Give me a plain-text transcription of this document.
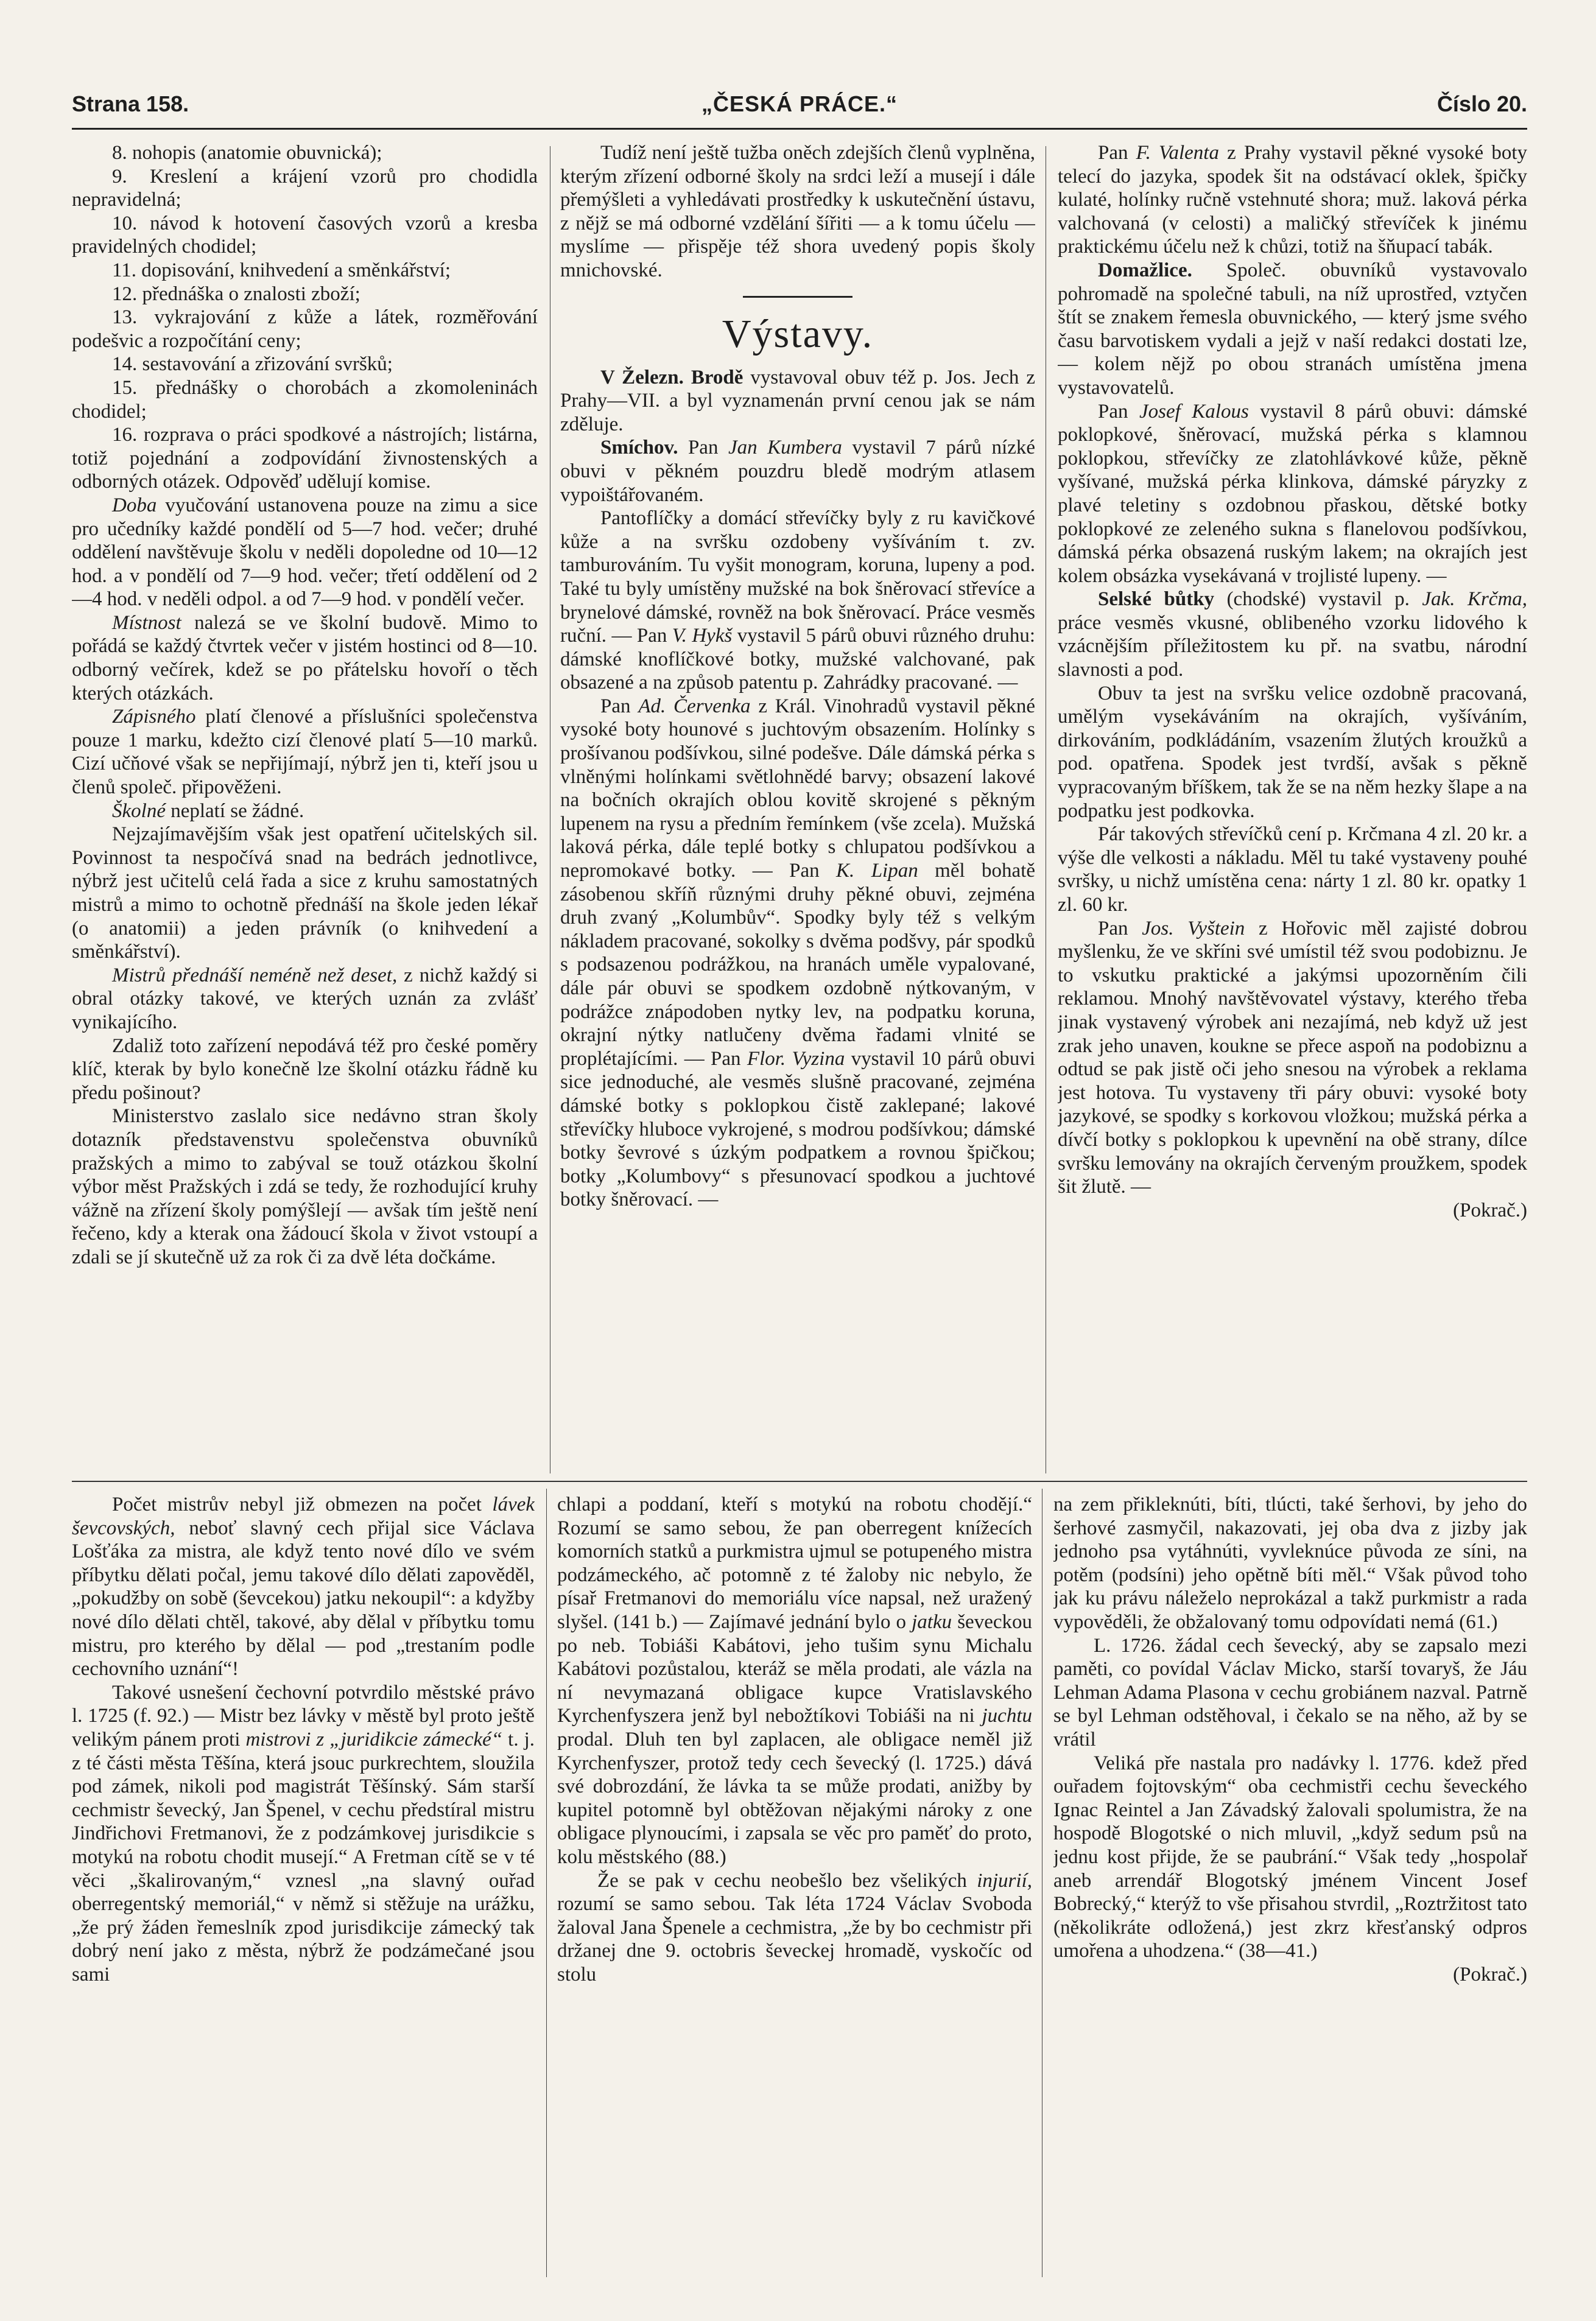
Strana 158.	„ČESKÁ PRÁCE.“	Číslo 20.

8. nohopis (anatomie obuvnická);

9. Kreslení a krájení vzorů pro chodidla nepravidelná;

10. návod k hotovení časových vzorů a kresba pravidelných chodidel;

11. dopisování, knihvedení a směnkářství;

12. přednáška o znalosti zboží;

13. vykrajování z kůže a látek, rozměřování podešvic a rozpočítání ceny;

14. sestavování a zřizování svršků;

15. přednášky o chorobách a zkomoleninách chodidel;

16. rozprava o práci spodkové a nástrojích; listárna, totiž pojednání a zodpovídání živnostenských a odborných otázek. Odpověď udělují komise.

Doba vyučování ustanovena pouze na zimu a sice pro učedníky každé pondělí od 5—7 hod. večer; druhé oddělení navštěvuje školu v neděli dopoledne od 10—12 hod. a v pondělí od 7—9 hod. večer; třetí oddělení od 2—4 hod. v neděli odpol. a od 7—9 hod. v pondělí večer.

Místnost nalezá se ve školní budově. Mimo to pořádá se každý čtvrtek večer v jistém hostinci od 8—10. odborný večírek, kdež se po přátelsku hovoří o těch kterých otázkách.

Zápisného platí členové a příslušníci společenstva pouze 1 marku, kdežto cizí členové platí 5—10 marků. Cizí učňové však se nepřijímají, nýbrž jen ti, kteří jsou u členů společ. připověženi.

Školné neplatí se žádné.

Nejzajímavějším však jest opatření učitelských sil. Povinnost ta nespočívá snad na bedrách jednotlivce, nýbrž jest učitelů celá řada a sice z kruhu samostatných mistrů a mimo to ochotně přednáší na škole jeden lékař (o anatomii) a jeden právník (o knihvedení a směnkářství).

Mistrů přednáší neméně než deset, z nichž každý si obral otázky takové, ve kterých uznán za zvlášť vynikajícího.

Zdaliž toto zařízení nepodává též pro české poměry klíč, kterak by bylo konečně lze školní otázku řádně ku předu pošinout?

Ministerstvo zaslalo sice nedávno stran školy dotazník představenstvu společenstva obuvníků pražských a mimo to zabýval se touž otázkou školní výbor měst Pražských i zdá se tedy, že rozhodující kruhy vážně na zřízení školy pomýšlejí — avšak tím ještě není řečeno, kdy a kterak ona žádoucí škola v život vstoupí a zdali se jí skutečně už za rok či za dvě léta dočkáme.

Tudíž není ještě tužba oněch zdejších členů vyplněna, kterým zřízení odborné školy na srdci leží a musejí i dále přemýšleti a vyhledávati prostředky k uskutečnění ústavu, z nějž se má odborné vzdělání šířiti — a k tomu účelu — myslíme — přispěje též shora uvedený popis školy mnichovské.

Výstavy.

V Železn. Brodě vystavoval obuv též p. Jos. Jech z Prahy—VII. a byl vyznamenán první cenou jak se nám zděluje.

Smíchov. Pan Jan Kumbera vystavil 7 párů nízké obuvi v pěkném pouzdru bledě modrým atlasem vypoištářovaném.

Pantoflíčky a domácí střevíčky byly z ru kavičkové kůže a na svršku ozdobeny vyšíváním t. zv. tamburováním. Tu vyšit monogram, koruna, lupeny a pod. Také tu byly umístěny mužské na bok šněrovací střevíce a brynelové dámské, rovněž na bok šněrovací. Práce vesměs ruční. — Pan V. Hykš vystavil 5 párů obuvi různého druhu: dámské knoflíčkové botky, mužské valchované, pak obsazené a na způsob patentu p. Zahrádky pracované. —

Pan Ad. Červenka z Král. Vinohradů vystavil pěkné vysoké boty hounové s juchtovým obsazením. Holínky s prošívanou podšívkou, silné podešve. Dále dámská pérka s vlněnými holínkami světlohnědé barvy; obsazení lakové na bočních okrajích oblou kovitě skrojené s pěkným lupenem na rysu a předním řemínkem (vše zcela). Mužská laková pérka, dále teplé botky s chlupatou podšívkou a nepromokavé botky. — Pan K. Lipan měl bohatě zásobenou skříň různými druhy pěkné obuvi, zejména druh zvaný „Kolumbův“. Spodky byly též s velkým nákladem pracované, sokolky s dvěma podšvy, pár spodků s podsazenou podrážkou, na hranách uměle vypalované, dále pár obuvi se spodkem ozdobně nýtkovaným, v podrážce znápodoben nytky lev, na podpatku koruna, okrajní nýtky natlučeny dvěma řadami vlnité se proplétajícími. — Pan Flor. Vyzina vystavil 10 párů obuvi sice jednoduché, ale vesměs slušně pracované, zejména dámské botky s poklopkou čistě zaklepané; lakové střevíčky hluboce vykrojené, s modrou podšívkou; dámské botky ševrové s úzkým podpatkem a rovnou špičkou; botky „Kolumbovy“ s přesunovací spodkou a juchtové botky šněrovací. —

Pan F. Valenta z Prahy vystavil pěkné vysoké boty telecí do jazyka, spodek šit na odstávací oklek, špičky kulaté, holínky ručně vstehnuté shora; muž. laková pérka valchovaná (v celosti) a maličký střevíček k jinému praktickému účelu než k chůzi, totiž na šňupací tabák.

Domažlice. Společ. obuvníků vystavovalo pohromadě na společné tabuli, na níž uprostřed, vztyčen štít se znakem řemesla obuvnického, — který jsme svého času barvotiskem vydali a jejž v naší redakci dostati lze, — kolem nějž po obou stranách umístěna jmena vystavovatelů.

Pan Josef Kalous vystavil 8 párů obuvi: dámské poklopkové, šněrovací, mužská pérka s klamnou poklopkou, střevíčky ze zlatohlávkové kůže, pěkně vyšívané, mužská pérka klinkova, dámské páryzky z plavé teletiny s ozdobnou přaskou, dětské botky poklopkové ze zeleného sukna s flanelovou podšívkou, dámská pérka obsazená ruským lakem; na okrajích jest kolem obsázka vysekávaná v trojlisté lupeny. —

Selské bůtky (chodské) vystavil p. Jak. Krčma, práce vesměs vkusné, oblibeného vzorku lidového k vzácnějším příležitostem ku př. na svatbu, národní slavnosti a pod.

Obuv ta jest na svršku velice ozdobně pracovaná, umělým vysekáváním na okrajích, vyšíváním, dirkováním, podkládáním, vsazením žlutých kroužků a pod. opatřena. Spodek jest tvrdší, avšak s pěkně vypracovaným bříškem, tak že se na něm hezky šlape a na podpatku jest podkovka.

Pár takových střevíčků cení p. Krčmana 4 zl. 20 kr. a výše dle velkosti a nákladu. Měl tu také vystaveny pouhé svršky, u nichž umístěna cena: nárty 1 zl. 80 kr. opatky 1 zl. 60 kr.

Pan Jos. Vyštein z Hořovic měl zajisté dobrou myšlenku, že ve skříni své umístil též svou podobiznu. Je to vskutku praktické a jakýmsi upozorněním čili reklamou. Mnohý navštěvovatel výstavy, kterého třeba jinak vystavený výrobek ani nezajímá, neb když už jest zrak jeho unaven, koukne se přece aspoň na podobiznu a odtud se pak jistě oči jeho snesou na výrobek a reklama jest hotova. Tu vystaveny tři páry obuvi: vysoké boty jazykové, se spodky s korkovou vložkou; mužská pérka a dívčí botky s poklopkou k upevnění na obě strany, dílce svršku lemovány na okrajích červeným proužkem, spodek šit žlutě. —

(Pokrač.)

Počet mistrův nebyl již obmezen na počet lávek ševcovských, neboť slavný cech přijal sice Václava Lošťáka za mistra, ale když tento nové dílo ve svém příbytku dělati počal, jemu takové dílo dělati zapověděl, „pokudžby on sobě (ševcekou) jatku nekoupil“: a kdyžby nové dílo dělati chtěl, takové, aby dělal v příbytku tomu mistru, pro kterého by dělal — pod „trestaním podle cechovního uznání“!

Takové usnešení čechovní potvrdilo městské právo l. 1725 (f. 92.) — Mistr bez lávky v městě byl proto ještě velikým pánem proti mistrovi z „juridikcie zámecké“ t. j. z té části města Těšína, která jsouc purkrechtem, sloužila pod zámek, nikoli pod magistrát Těšínský. Sám starší cechmistr ševecký, Jan Špenel, v cechu předstíral mistru Jindřichovi Fretmanovi, že z podzámkovej jurisdikcie s motykú na robotu chodit musejí.“ A Fretman cítě se v té věci „škalirovaným,“ vznesl „na slavný ouřad oberregentský memoriál,“ v němž si stěžuje na urážku, „že prý žáden řemeslník zpod jurisdikcije zámecký tak dobrý není jako z města, nýbrž že podzámečané jsou sami

chlapi a poddaní, kteří s motykú na robotu chodějí.“ Rozumí se samo sebou, že pan oberregent knížecích komorních statků a purkmistra ujmul se potupeného mistra podzámeckého, ač potomně z té žaloby nic nebylo, že písař Fretmanovi do memoriálu více napsal, než uražený slyšel. (141 b.) — Zajímavé jednání bylo o jatku ševeckou po neb. Tobiáši Kabátovi, jeho tušim synu Michalu Kabátovi pozůstalou, kteráž se měla prodati, ale vázla na ní nevymazaná obligace kupce Vratislavského Kyrchenfyszera jenž byl nebožtíkovi Tobiáši na ni juchtu prodal. Dluh ten byl zaplacen, ale obligace neměl již Kyrchenfyszer, protož tedy cech ševecký (l. 1725.) dává své dobrozdání, že lávka ta se může prodati, anižby by kupitel potomně byl obtěžovan nějakými nároky z one obligace plynoucími, i zapsala se věc pro paměť do proto, kolu městského (88.)

Že se pak v cechu neobešlo bez všelikých injurií, rozumí se samo sebou. Tak léta 1724 Václav Svoboda žaloval Jana Špenele a cechmistra, „že by bo cechmistr při držanej dne 9. octobris ševeckej hromadě, vyskočíc od stolu

na zem přikleknúti, bíti, tlúcti, také šerhovi, by jeho do šerhové zasmyčil, nakazovati, jej oba dva z jizby jak jednoho psa vytáhnúti, vyvleknúce původa ze síni, na potěm (podsíni) jeho opětně bíti měl.“ Však původ toho jak ku právu náleželo neprokázal a takž purkmistr a rada vypověděli, že obžalovaný tomu odpovídati nemá (61.)

L. 1726. žádal cech ševecký, aby se zapsalo mezi paměti, co povídal Václav Micko, starší tovaryš, že Jáu Lehman Adama Plasona v cechu grobiánem nazval. Patrně se byl Lehman odstěhoval, i čekalo se na něho, až by se vrátil

Veliká pře nastala pro nadávky l. 1776. kdež před ouřadem fojtovským“ oba cechmistři cechu ševeckého Ignac Reintel a Jan Závadský žalovali spolumistra, že na hospodě Blogotské o nich mluvil, „když sedum psů na jednu kost přijde, že se paubrání.“ Však tedy „hospolař aneb arrendář Blogotský jménem Vincent Josef Bobrecký,“ kterýž to vše přisahou stvrdil, „Roztržitost tato (několikráte odložená,) jest zkrz křesťanský odpros umořena a uhodzena.“ (38—41.)

(Pokrač.)
